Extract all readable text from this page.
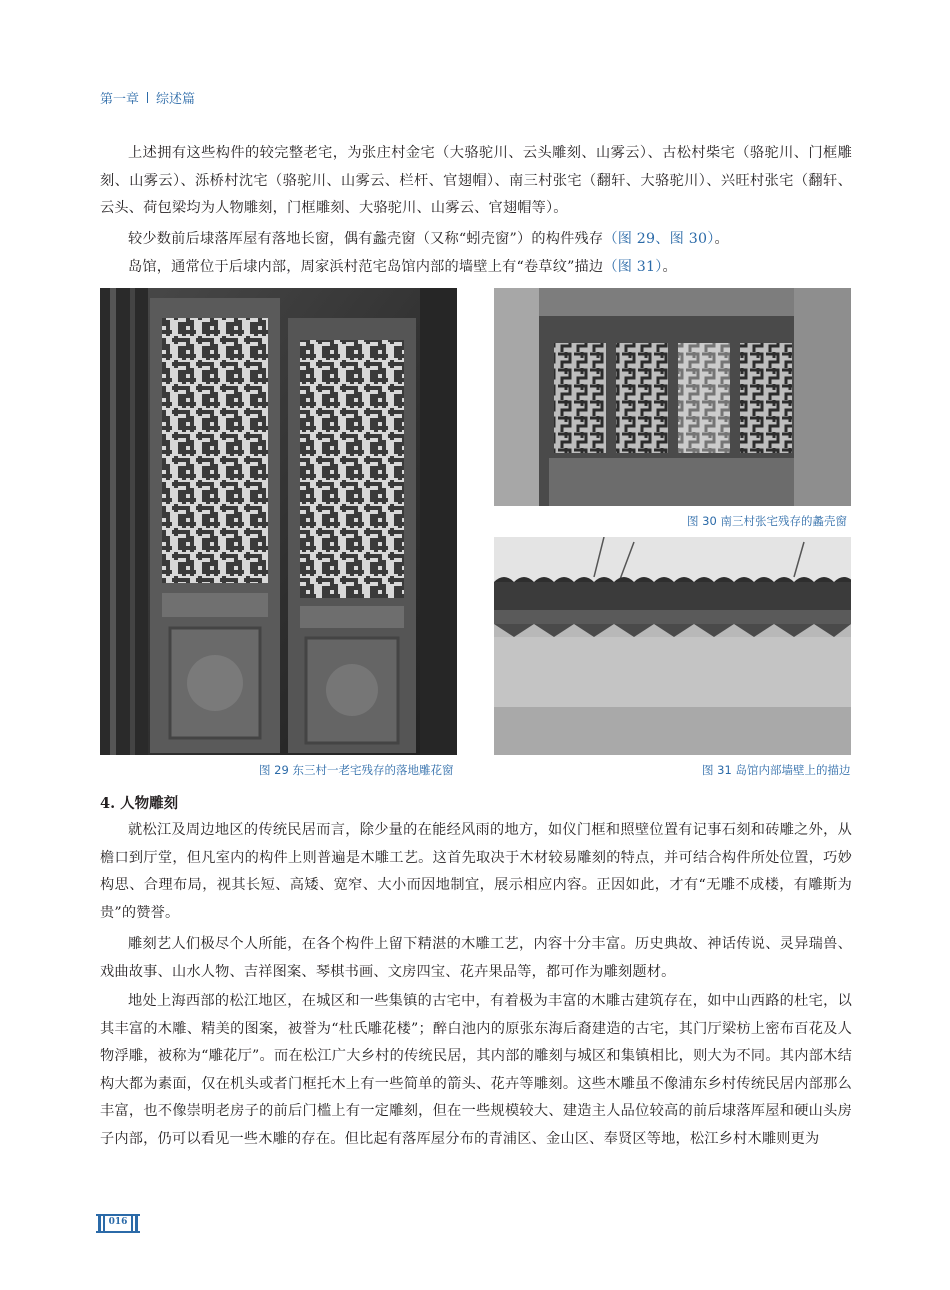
第一章 综述篇

上述拥有这些构件的较完整老宅，为张庄村金宅（大骆驼川、云头雕刻、山雾云）、古松村柴宅（骆驼川、门框雕刻、山雾云）、泺桥村沈宅（骆驼川、山雾云、栏杆、官翅帽）、南三村张宅（翻轩、大骆驼川）、兴旺村张宅（翻轩、云头、荷包梁均为人物雕刻，门框雕刻、大骆驼川、山雾云、官翅帽等）。

较少数前后埭落厍屋有落地长窗，偶有蠡壳窗（又称“蚓壳窗”）的构件残存（图 29、图 30）。

岛馆，通常位于后埭内部，周家浜村范宅岛馆内部的墙壁上有“卷草纹”描边（图 31）。

图 29 东三村一老宅残存的落地雕花窗
图 30 南三村张宅残存的蠡壳窗
图 31 岛馆内部墙壁上的描边
4. 人物雕刻

就松江及周边地区的传统民居而言，除少量的在能经风雨的地方，如仪门框和照壁位置有记事石刻和砖雕之外，从檐口到厅堂，但凡室内的构件上则普遍是木雕工艺。这首先取决于木材较易雕刻的特点，并可结合构件所处位置，巧妙构思、合理布局，视其长短、高矮、宽窄、大小而因地制宜，展示相应内容。正因如此，才有“无雕不成楼，有雕斯为贵”的赞誉。

雕刻艺人们极尽个人所能，在各个构件上留下精湛的木雕工艺，内容十分丰富。历史典故、神话传说、灵异瑞兽、戏曲故事、山水人物、吉祥图案、琴棋书画、文房四宝、花卉果品等，都可作为雕刻题材。

地处上海西部的松江地区，在城区和一些集镇的古宅中，有着极为丰富的木雕古建筑存在，如中山西路的杜宅，以其丰富的木雕、精美的图案，被誉为“杜氏雕花楼”；醉白池内的原张东海后裔建造的古宅，其门厅梁枋上密布百花及人物浮雕，被称为“雕花厅”。而在松江广大乡村的传统民居，其内部的雕刻与城区和集镇相比，则大为不同。其内部木结构大都为素面，仅在机头或者门框托木上有一些简单的箭头、花卉等雕刻。这些木雕虽不像浦东乡村传统民居内部那么丰富，也不像崇明老房子的前后门槛上有一定雕刻，但在一些规模较大、建造主人品位较高的前后埭落厍屋和硬山头房子内部，仍可以看见一些木雕的存在。但比起有落厍屋分布的青浦区、金山区、奉贤区等地，松江乡村木雕则更为

016
